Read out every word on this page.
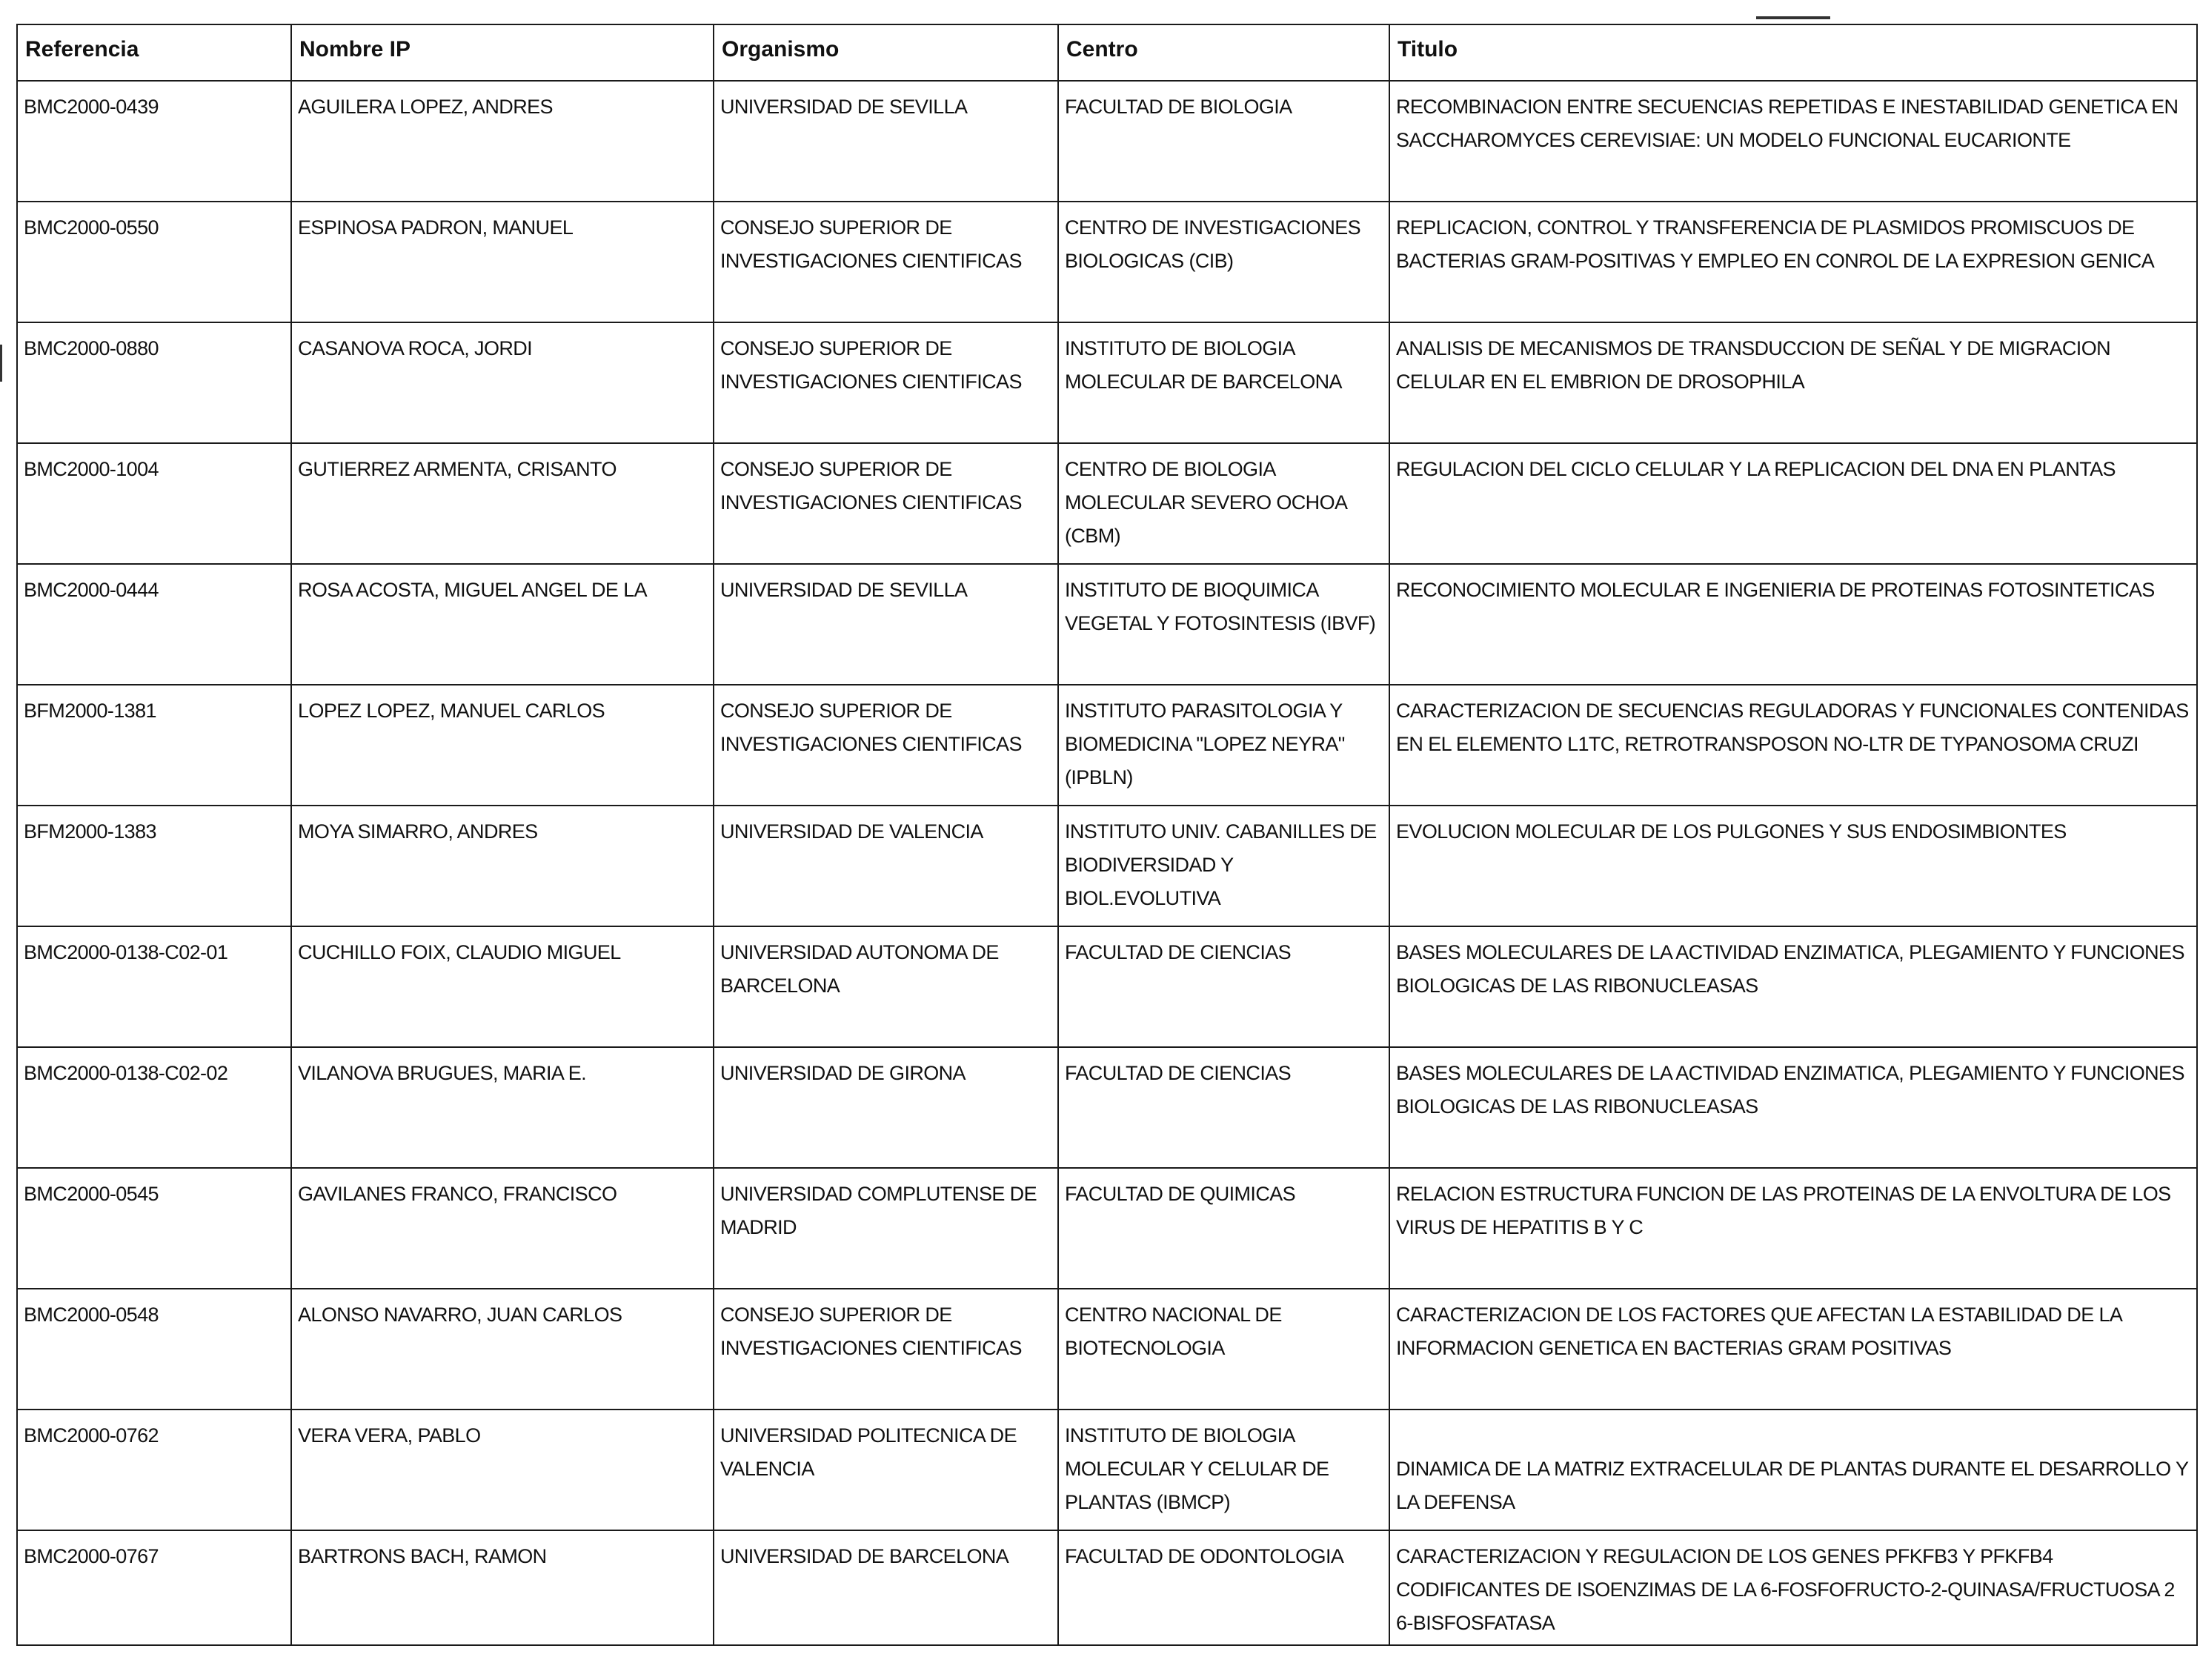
Referencia	Nombre IP	Organismo	Centro	Titulo
BMC2000-0439	AGUILERA LOPEZ, ANDRES	UNIVERSIDAD DE SEVILLA	FACULTAD DE BIOLOGIA	RECOMBINACION ENTRE SECUENCIAS REPETIDAS E INESTABILIDAD GENETICA EN SACCHAROMYCES CEREVISIAE: UN MODELO FUNCIONAL EUCARIONTE
BMC2000-0550	ESPINOSA PADRON, MANUEL	CONSEJO SUPERIOR DE INVESTIGACIONES CIENTIFICAS	CENTRO DE INVESTIGACIONES BIOLOGICAS (CIB)	REPLICACION, CONTROL Y TRANSFERENCIA DE PLASMIDOS PROMISCUOS DE BACTERIAS GRAM-POSITIVAS Y EMPLEO EN CONROL DE LA EXPRESION GENICA
BMC2000-0880	CASANOVA ROCA, JORDI	CONSEJO SUPERIOR DE INVESTIGACIONES CIENTIFICAS	INSTITUTO DE BIOLOGIA MOLECULAR DE BARCELONA	ANALISIS DE MECANISMOS DE TRANSDUCCION DE SEÑAL Y DE MIGRACION CELULAR EN EL EMBRION DE DROSOPHILA
BMC2000-1004	GUTIERREZ ARMENTA, CRISANTO	CONSEJO SUPERIOR DE INVESTIGACIONES CIENTIFICAS	CENTRO DE BIOLOGIA MOLECULAR SEVERO OCHOA (CBM)	REGULACION DEL CICLO CELULAR Y LA REPLICACION DEL DNA EN PLANTAS
BMC2000-0444	ROSA ACOSTA, MIGUEL ANGEL DE LA	UNIVERSIDAD DE SEVILLA	INSTITUTO DE BIOQUIMICA VEGETAL Y FOTOSINTESIS (IBVF)	RECONOCIMIENTO MOLECULAR E INGENIERIA DE PROTEINAS FOTOSINTETICAS
BFM2000-1381	LOPEZ LOPEZ, MANUEL CARLOS	CONSEJO SUPERIOR DE INVESTIGACIONES CIENTIFICAS	INSTITUTO PARASITOLOGIA Y BIOMEDICINA "LOPEZ NEYRA" (IPBLN)	CARACTERIZACION DE SECUENCIAS REGULADORAS Y FUNCIONALES CONTENIDAS EN EL ELEMENTO L1TC, RETROTRANSPOSON NO-LTR DE TYPANOSOMA CRUZI
BFM2000-1383	MOYA SIMARRO, ANDRES	UNIVERSIDAD DE VALENCIA	INSTITUTO UNIV. CABANILLES DE BIODIVERSIDAD Y BIOL.EVOLUTIVA	EVOLUCION MOLECULAR DE LOS PULGONES Y SUS ENDOSIMBIONTES
BMC2000-0138-C02-01	CUCHILLO FOIX, CLAUDIO MIGUEL	UNIVERSIDAD AUTONOMA DE BARCELONA	FACULTAD DE CIENCIAS	BASES MOLECULARES DE LA ACTIVIDAD ENZIMATICA, PLEGAMIENTO Y FUNCIONES BIOLOGICAS DE LAS RIBONUCLEASAS
BMC2000-0138-C02-02	VILANOVA BRUGUES, MARIA E.	UNIVERSIDAD DE GIRONA	FACULTAD DE CIENCIAS	BASES MOLECULARES DE LA ACTIVIDAD ENZIMATICA, PLEGAMIENTO Y FUNCIONES BIOLOGICAS DE LAS RIBONUCLEASAS
BMC2000-0545	GAVILANES FRANCO, FRANCISCO	UNIVERSIDAD COMPLUTENSE DE MADRID	FACULTAD DE QUIMICAS	RELACION ESTRUCTURA FUNCION DE LAS PROTEINAS DE LA ENVOLTURA DE LOS VIRUS DE HEPATITIS B Y C
BMC2000-0548	ALONSO NAVARRO, JUAN CARLOS	CONSEJO SUPERIOR DE INVESTIGACIONES CIENTIFICAS	CENTRO NACIONAL DE BIOTECNOLOGIA	CARACTERIZACION DE LOS FACTORES QUE AFECTAN LA ESTABILIDAD DE LA INFORMACION GENETICA EN BACTERIAS GRAM POSITIVAS
BMC2000-0762	VERA VERA, PABLO	UNIVERSIDAD POLITECNICA DE VALENCIA	INSTITUTO DE BIOLOGIA MOLECULAR Y CELULAR DE PLANTAS (IBMCP)	DINAMICA DE LA MATRIZ EXTRACELULAR DE PLANTAS DURANTE EL DESARROLLO Y LA DEFENSA

BMC2000-0767	BARTRONS BACH, RAMON	UNIVERSIDAD DE BARCELONA	FACULTAD DE ODONTOLOGIA	CARACTERIZACION Y REGULACION DE LOS GENES PFKFB3 Y PFKFB4 CODIFICANTES DE ISOENZIMAS DE LA 6-FOSFOFRUCTO-2-QUINASA/FRUCTUOSA 2 6-BISFOSFATASA
